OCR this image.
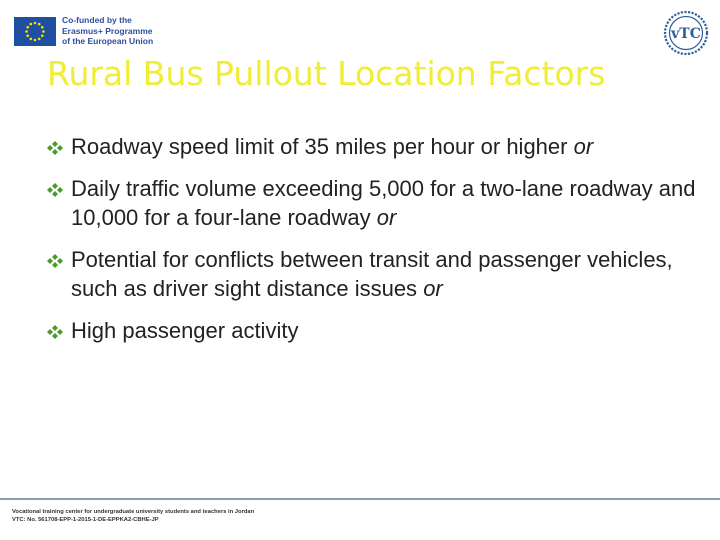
Co-funded by the
Erasmus+ Programme
of the European Union	vTC
Rural Bus Pullout Location Factors
Roadway speed limit of 35 miles per hour or higher or
Daily traffic volume exceeding 5,000 for a two-lane roadway and 10,000 for a four-lane roadway or
Potential for conflicts between transit and passenger vehicles, such as driver sight distance issues or
High passenger activity
Vocational training center for undergraduate university students and teachers in Jordan
VTC: No. 561708-EPP-1-2015-1-DE-EPPKA2-CBHE-JP
